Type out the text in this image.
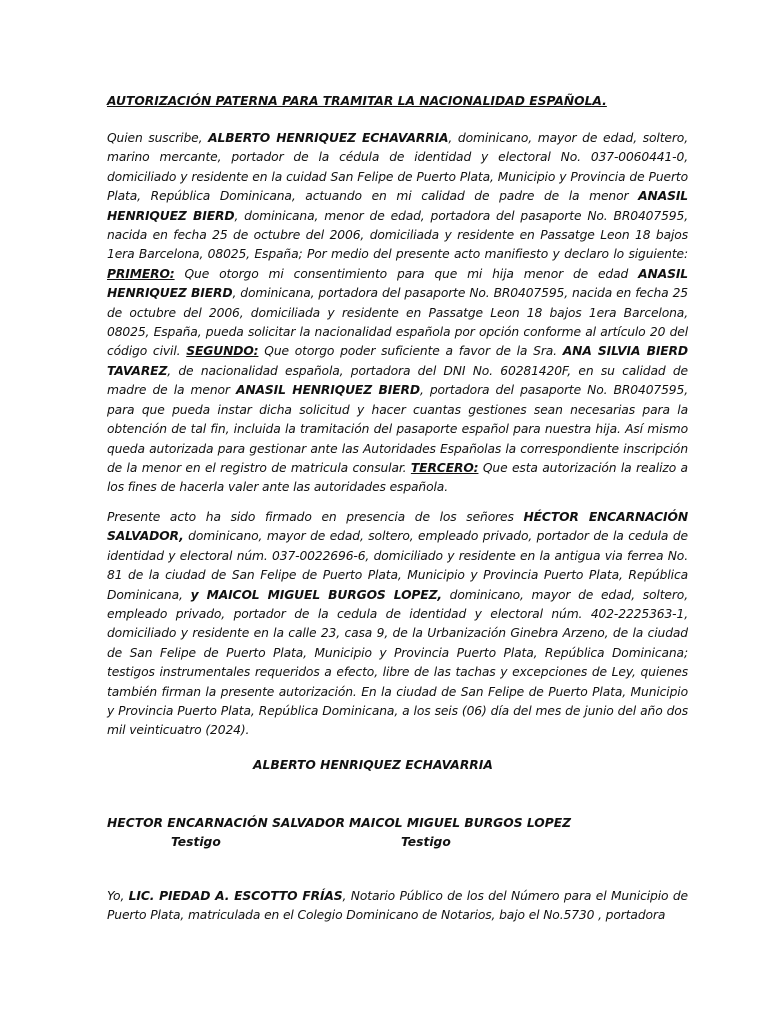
AUTORIZACIÓN PATERNA PARA TRAMITAR LA NACIONALIDAD ESPAÑOLA.

Quien suscribe, ALBERTO HENRIQUEZ ECHAVARRIA, dominicano, mayor de edad, soltero, marino mercante, portador de la cédula de identidad y electoral No. 037-0060441-0, domiciliado y residente en la cuidad San Felipe de Puerto Plata, Municipio y Provincia de Puerto Plata, República Dominicana, actuando en mi calidad de padre de la menor ANASIL HENRIQUEZ BIERD, dominicana, menor de edad, portadora del pasaporte No. BR0407595, nacida en fecha 25 de octubre del 2006, domiciliada y residente en Passatge Leon 18 bajos 1era Barcelona, 08025, España; Por medio del presente acto manifiesto y declaro lo siguiente: PRIMERO: Que otorgo mi consentimiento para que mi hija menor de edad ANASIL HENRIQUEZ BIERD, dominicana, portadora del pasaporte No. BR0407595, nacida en fecha 25 de octubre del 2006, domiciliada y residente en Passatge Leon 18 bajos 1era Barcelona, 08025, España, pueda solicitar la nacionalidad española por opción conforme al artículo 20 del código civil. SEGUNDO: Que otorgo poder suficiente a favor de la Sra. ANA SILVIA BIERD TAVAREZ, de nacionalidad española, portadora del DNI No. 60281420F, en su calidad de madre de la menor ANASIL HENRIQUEZ BIERD, portadora del pasaporte No. BR0407595, para que pueda instar dicha solicitud y hacer cuantas gestiones sean necesarias para la obtención de tal fin, incluida la tramitación del pasaporte español para nuestra hija. Así mismo queda autorizada para gestionar ante las Autoridades Españolas la correspondiente inscripción de la menor en el registro de matricula consular. TERCERO: Que esta autorización la realizo a los fines de hacerla valer ante las autoridades española.

Presente acto ha sido firmado en presencia de los señores HÉCTOR ENCARNACIÓN SALVADOR, dominicano, mayor de edad, soltero, empleado privado, portador de la cedula de identidad y electoral núm. 037-0022696-6, domiciliado y residente en la antigua via ferrea No. 81 de la ciudad de San Felipe de Puerto Plata, Municipio y Provincia Puerto Plata, República Dominicana, y MAICOL MIGUEL BURGOS LOPEZ, dominicano, mayor de edad, soltero, empleado privado, portador de la cedula de identidad y electoral núm. 402-2225363-1, domiciliado y residente en la calle 23, casa 9, de la Urbanización Ginebra Arzeno, de la ciudad de San Felipe de Puerto Plata, Municipio y Provincia Puerto Plata, República Dominicana; testigos instrumentales requeridos a efecto, libre de las tachas y excepciones de Ley, quienes también firman la presente autorización. En la ciudad de San Felipe de Puerto Plata, Municipio y Provincia Puerto Plata, República Dominicana, a los seis (06) día del mes de junio del año dos mil veinticuatro (2024).

ALBERTO HENRIQUEZ ECHAVARRIA
HECTOR ENCARNACIÓN SALVADOR
Testigo
MAICOL MIGUEL BURGOS LOPEZ
Testigo

Yo, LIC. PIEDAD A. ESCOTTO FRÍAS, Notario Público de los del Número para el Municipio de Puerto Plata, matriculada en el Colegio Dominicano de Notarios, bajo el No.5730 , portadora
